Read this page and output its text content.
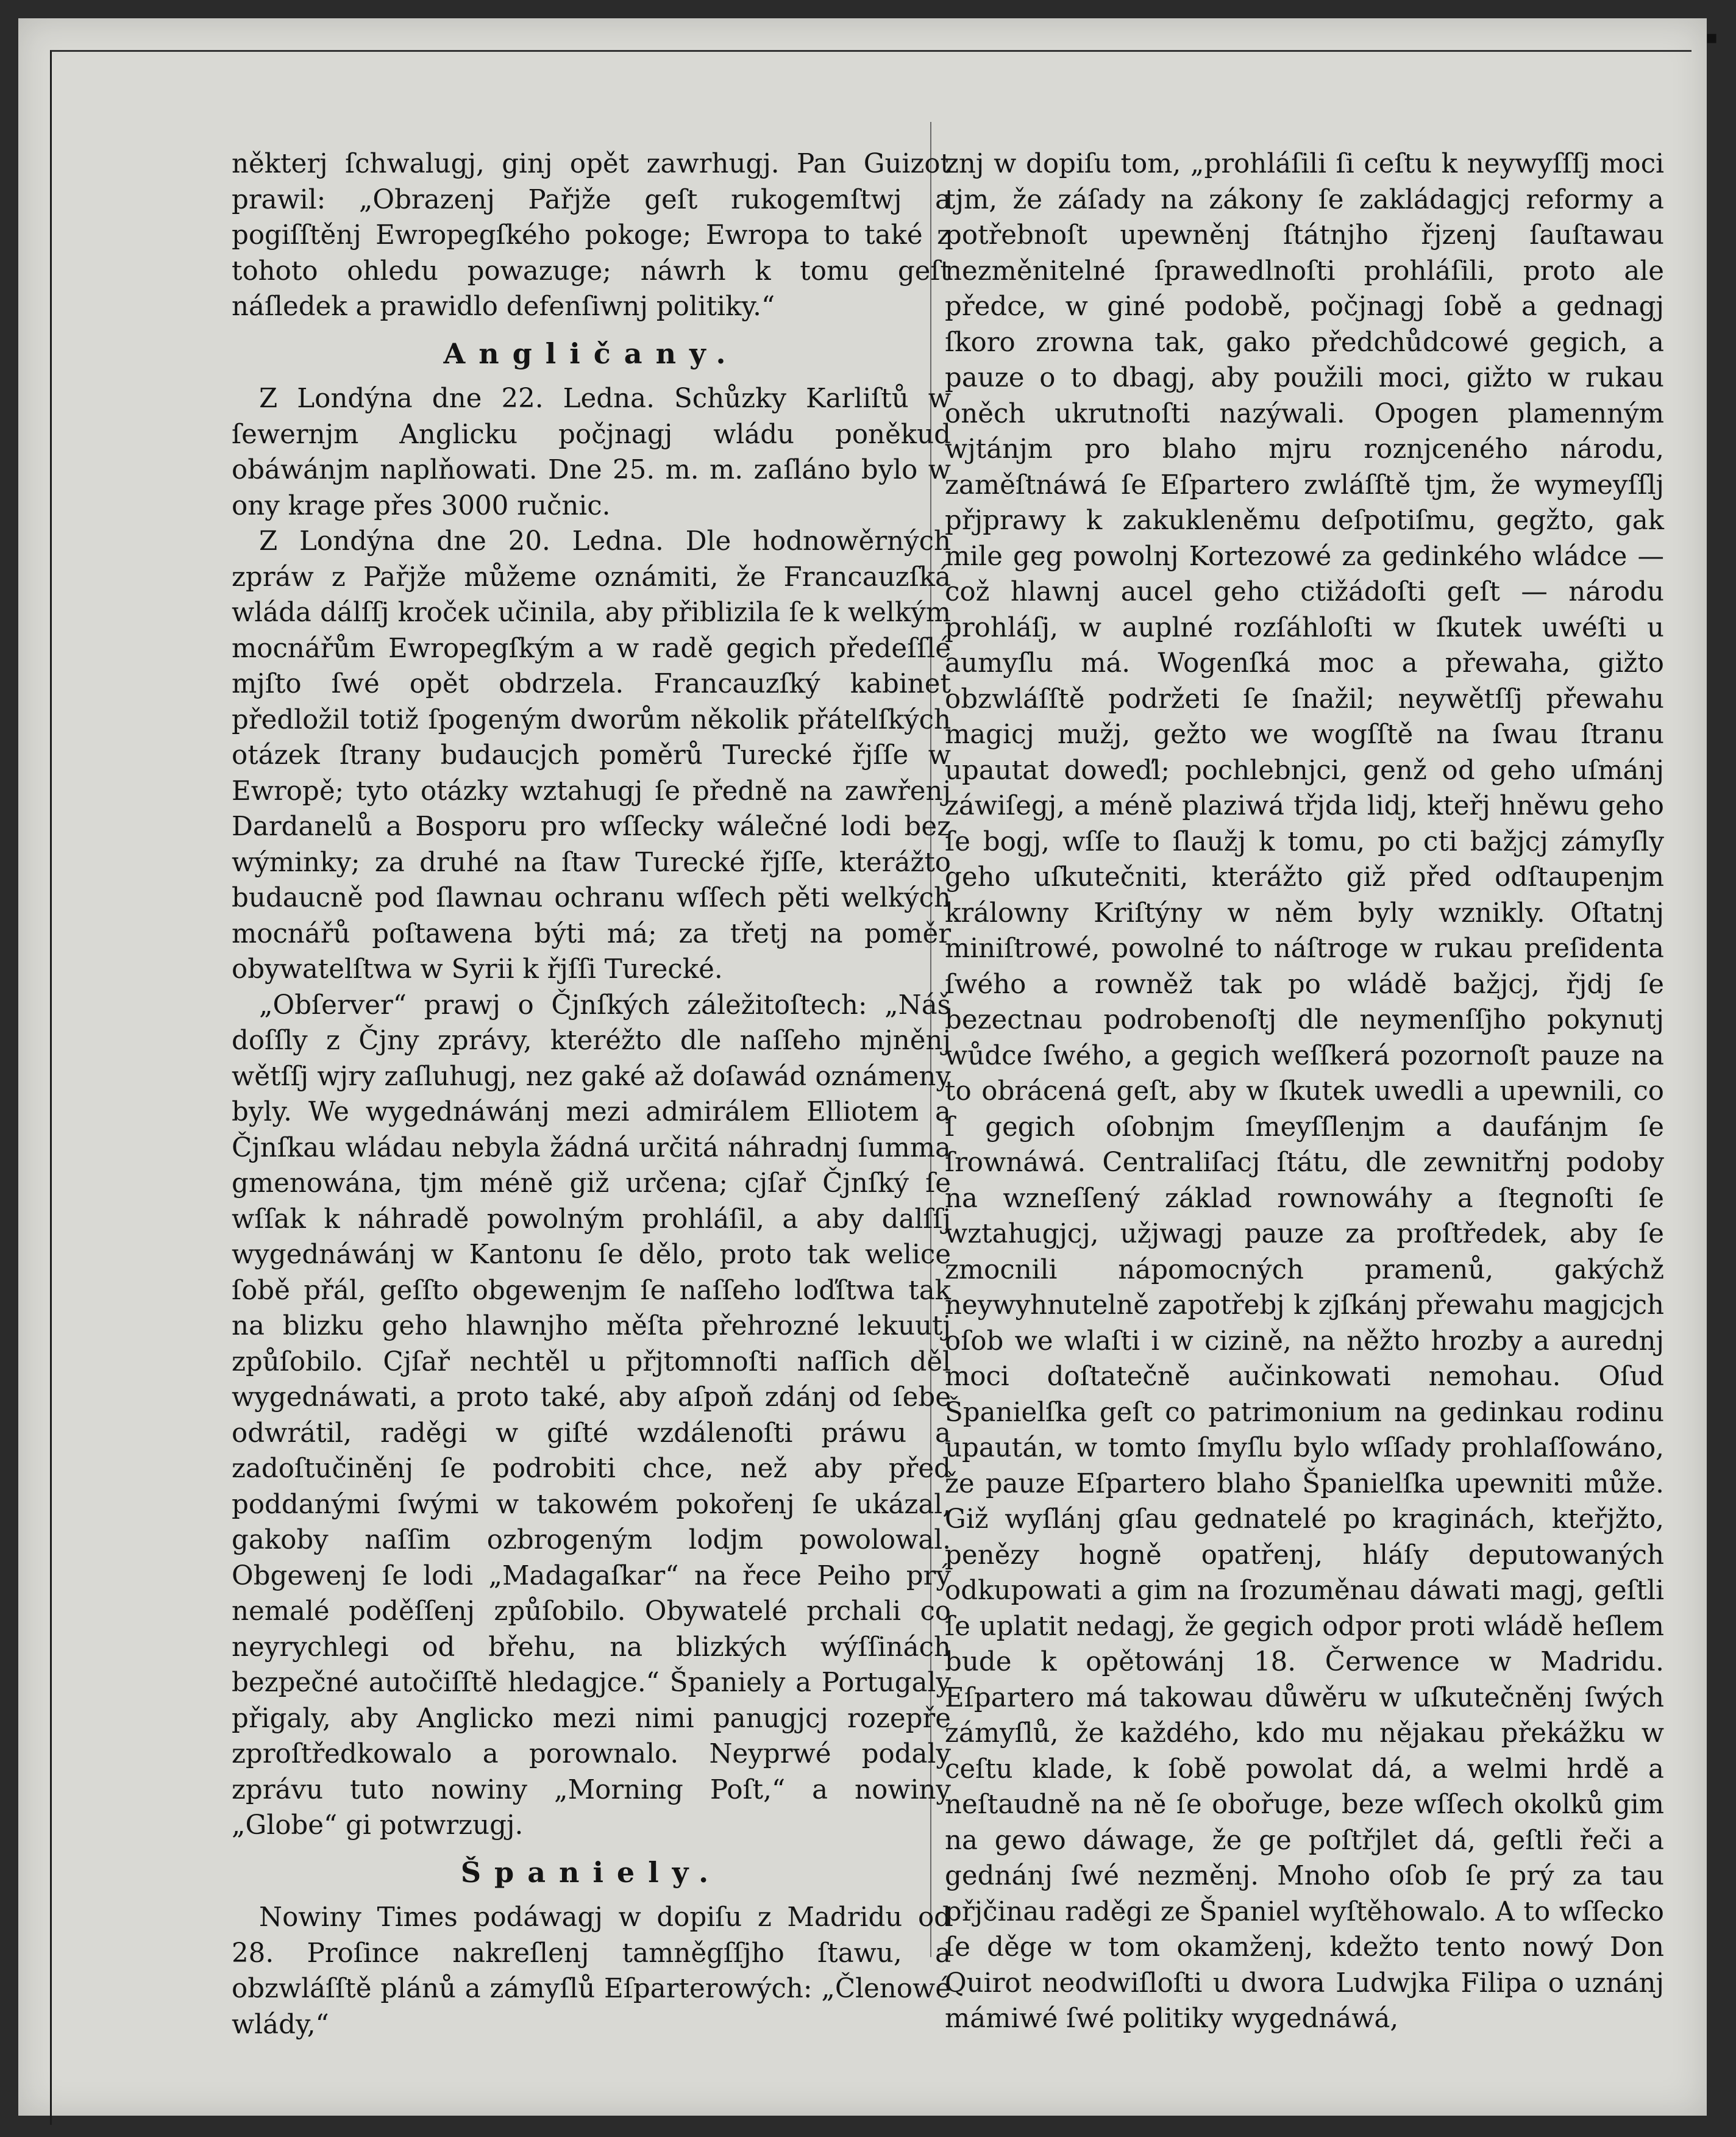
▪

některj ſchwalugj, ginj opět zawrhugj. Pan Guizot prawil: „Obrazenj Pařjže geſt rukogemſtwj a pogiſſtěnj Ewropegſkého pokoge; Ewropa to také z tohoto ohledu powazuge; náwrh k tomu geſt náſledek a prawidlo defenſiwnj politiky.“

Angličany.

Z Londýna dne 22. Ledna. Schůzky Karliſtů w ſewernjm Anglicku počjnagj wládu poněkud obáwánjm naplňowati. Dne 25. m. m. zaſláno bylo w ony krage přes 3000 ručnic.

Z Londýna dne 20. Ledna. Dle hodnowěrných zpráw z Pařjže můžeme oznámiti, že Francauzſká wláda dálſſj kroček učinila, aby přiblizila ſe k welkým mocnářům Ewropegſkým a w radě gegich předeſſlé mjſto ſwé opět obdrzela. Francauzſký kabinet předložil totiž ſpogeným dworům několik přátelſkých otázek ſtrany budaucjch poměrů Turecké řjſſe w Ewropě; tyto otázky wztahugj ſe předně na zawřenj Dardanelů a Bosporu pro wſſecky wálečné lodi bez wýminky; za druhé na ſtaw Turecké řjſſe, kterážto budaucně pod ſlawnau ochranu wſſech pěti welkých mocnářů poſtawena býti má; za třetj na poměr obywatelſtwa w Syrii k řjſſi Turecké.

„Obſerver“ prawj o Čjnſkých záležitoſtech: „Náš doſſly z Čjny zprávy, kteréžto dle naſſeho mjněnj wětſſj wjry zaſluhugj, nez gaké až doſawád oznámeny byly. We wygednáwánj mezi admirálem Elliotem a Čjnſkau wládau nebyla žádná určitá náhradnj ſumma gmenowána, tjm méně giž určena; cjſař Čjnſký ſe wſſak k náhradě powolným prohláſil, a aby dalſſj wygednáwánj w Kantonu ſe dělo, proto tak welice ſobě přál, geſſto obgewenjm ſe naſſeho loďſtwa tak na blizku geho hlawnjho měſta přehrozné lekuutj způſobilo. Cjſař nechtěl u přjtomnoſti naſſich děl wygednáwati, a proto také, aby aſpoň zdánj od ſebe odwrátil, raděgi w giſté wzdálenoſti práwu a zadoſtučiněnj ſe podrobiti chce, než aby před poddanými ſwými w takowém pokořenj ſe ukázal, gakoby naſſim ozbrogeným lodjm powolowal. Obgewenj ſe lodi „Madagaſkar“ na řece Peiho prý nemalé poděſſenj způſobilo. Obywatelé prchali co neyrychlegi od břehu, na blizkých wýſſinách bezpečné autočiſſtě hledagjce.“ Španiely a Portugaly přigaly, aby Anglicko mezi nimi panugjcj rozepře zproſtředkowalo a porownalo. Neyprwé podaly zprávu tuto nowiny „Morning Poſt,“ a nowiny „Globe“ gi potwrzugj.

Španiely.

Nowiny Times podáwagj w dopiſu z Madridu od 28. Proſince nakreſlenj tamněgſſjho ſtawu, a obzwláſſtě plánů a zámyſlů Eſparterowých: „Členowé wlády,“

znj w dopiſu tom, „prohláſili ſi ceſtu k neywyſſſj moci tjm, že záſady na zákony ſe zakládagjcj reformy a potřebnoſt upewněnj ſtátnjho řjzenj ſauſtawau nezměnitelné ſprawedlnoſti prohláſili, proto ale předce, w giné podobě, počjnagj ſobě a gednagj ſkoro zrowna tak, gako předchůdcowé gegich, a pauze o to dbagj, aby použili moci, gižto w rukau oněch ukrutnoſti nazýwali. Opogen plamenným wjtánjm pro blaho mjru roznjceného národu, zaměſtnáwá ſe Eſpartero zwláſſtě tjm, že wymeyſſlj přjprawy k zakukleněmu deſpotiſmu, gegžto, gak mile geg powolnj Kortezowé za gedinkého wládce — což hlawnj aucel geho ctižádoſti geſt — národu prohláſj, w auplné rozſáhloſti w ſkutek uwéſti u aumyſlu má. Wogenſká moc a přewaha, gižto obzwláſſtě podržeti ſe ſnažil; neywětſſj přewahu magicj mužj, gežto we wogſſtě na ſwau ſtranu upautat doweďl; pochlebnjci, genž od geho uſmánj záwiſegj, a méně plaziwá třjda lidj, kteřj hněwu geho ſe bogj, wſſe to ſlaužj k tomu, po cti bažjcj zámyſly geho uſkutečniti, kterážto giž před odſtaupenjm králowny Kriſtýny w něm byly wznikly. Oſtatnj miniſtrowé, powolné to náſtroge w rukau preſidenta ſwého a rowněž tak po wládě bažjcj, řjdj ſe bezectnau podrobenoſtj dle neymenſſjho pokynutj wůdce ſwého, a gegich weſſkerá pozornoſt pauze na to obrácená geſt, aby w ſkutek uwedli a upewnili, co ſ gegich oſobnjm ſmeyſſlenjm a daufánjm ſe ſrownáwá. Centraliſacj ſtátu, dle zewnitřnj podoby na wzneſſený základ rownowáhy a ſtegnoſti ſe wztahugjcj, užjwagj pauze za proſtředek, aby ſe zmocnili nápomocných pramenů, gakýchž neywyhnutelně zapotřebj k zjſkánj přewahu magjcjch oſob we wlaſti i w cizině, na něžto hrozby a aurednj moci doſtatečně aučinkowati nemohau. Oſud Španielſka geſt co patrimonium na gedinkau rodinu upaután, w tomto ſmyſlu bylo wſſady prohlaſſowáno, že pauze Eſpartero blaho Španielſka upewniti může. Giž wyſlánj gſau gednatelé po kraginách, kteřjžto, penězy hogně opatřenj, hláſy deputowaných odkupowati a gim na ſrozuměnau dáwati magj, geſtli ſe uplatit nedagj, že gegich odpor proti wládě heſlem bude k opětowánj 18. Čerwence w Madridu. Eſpartero má takowau důwěru w uſkutečněnj ſwých zámyſlů, že každého, kdo mu nějakau překážku w ceſtu klade, k ſobě powolat dá, a welmi hrdě a neſtaudně na ně ſe obořuge, beze wſſech okolků gim na gewo dáwage, že ge poſtřjlet dá, geſtli řeči a gednánj ſwé nezměnj. Mnoho oſob ſe prý za tau přjčinau raděgi ze Španiel wyſtěhowalo. A to wſſecko ſe děge w tom okamženj, kdežto tento nowý Don Quirot neodwiſloſti u dwora Ludwjka Filipa o uznánj mámiwé ſwé politiky wygednáwá,
